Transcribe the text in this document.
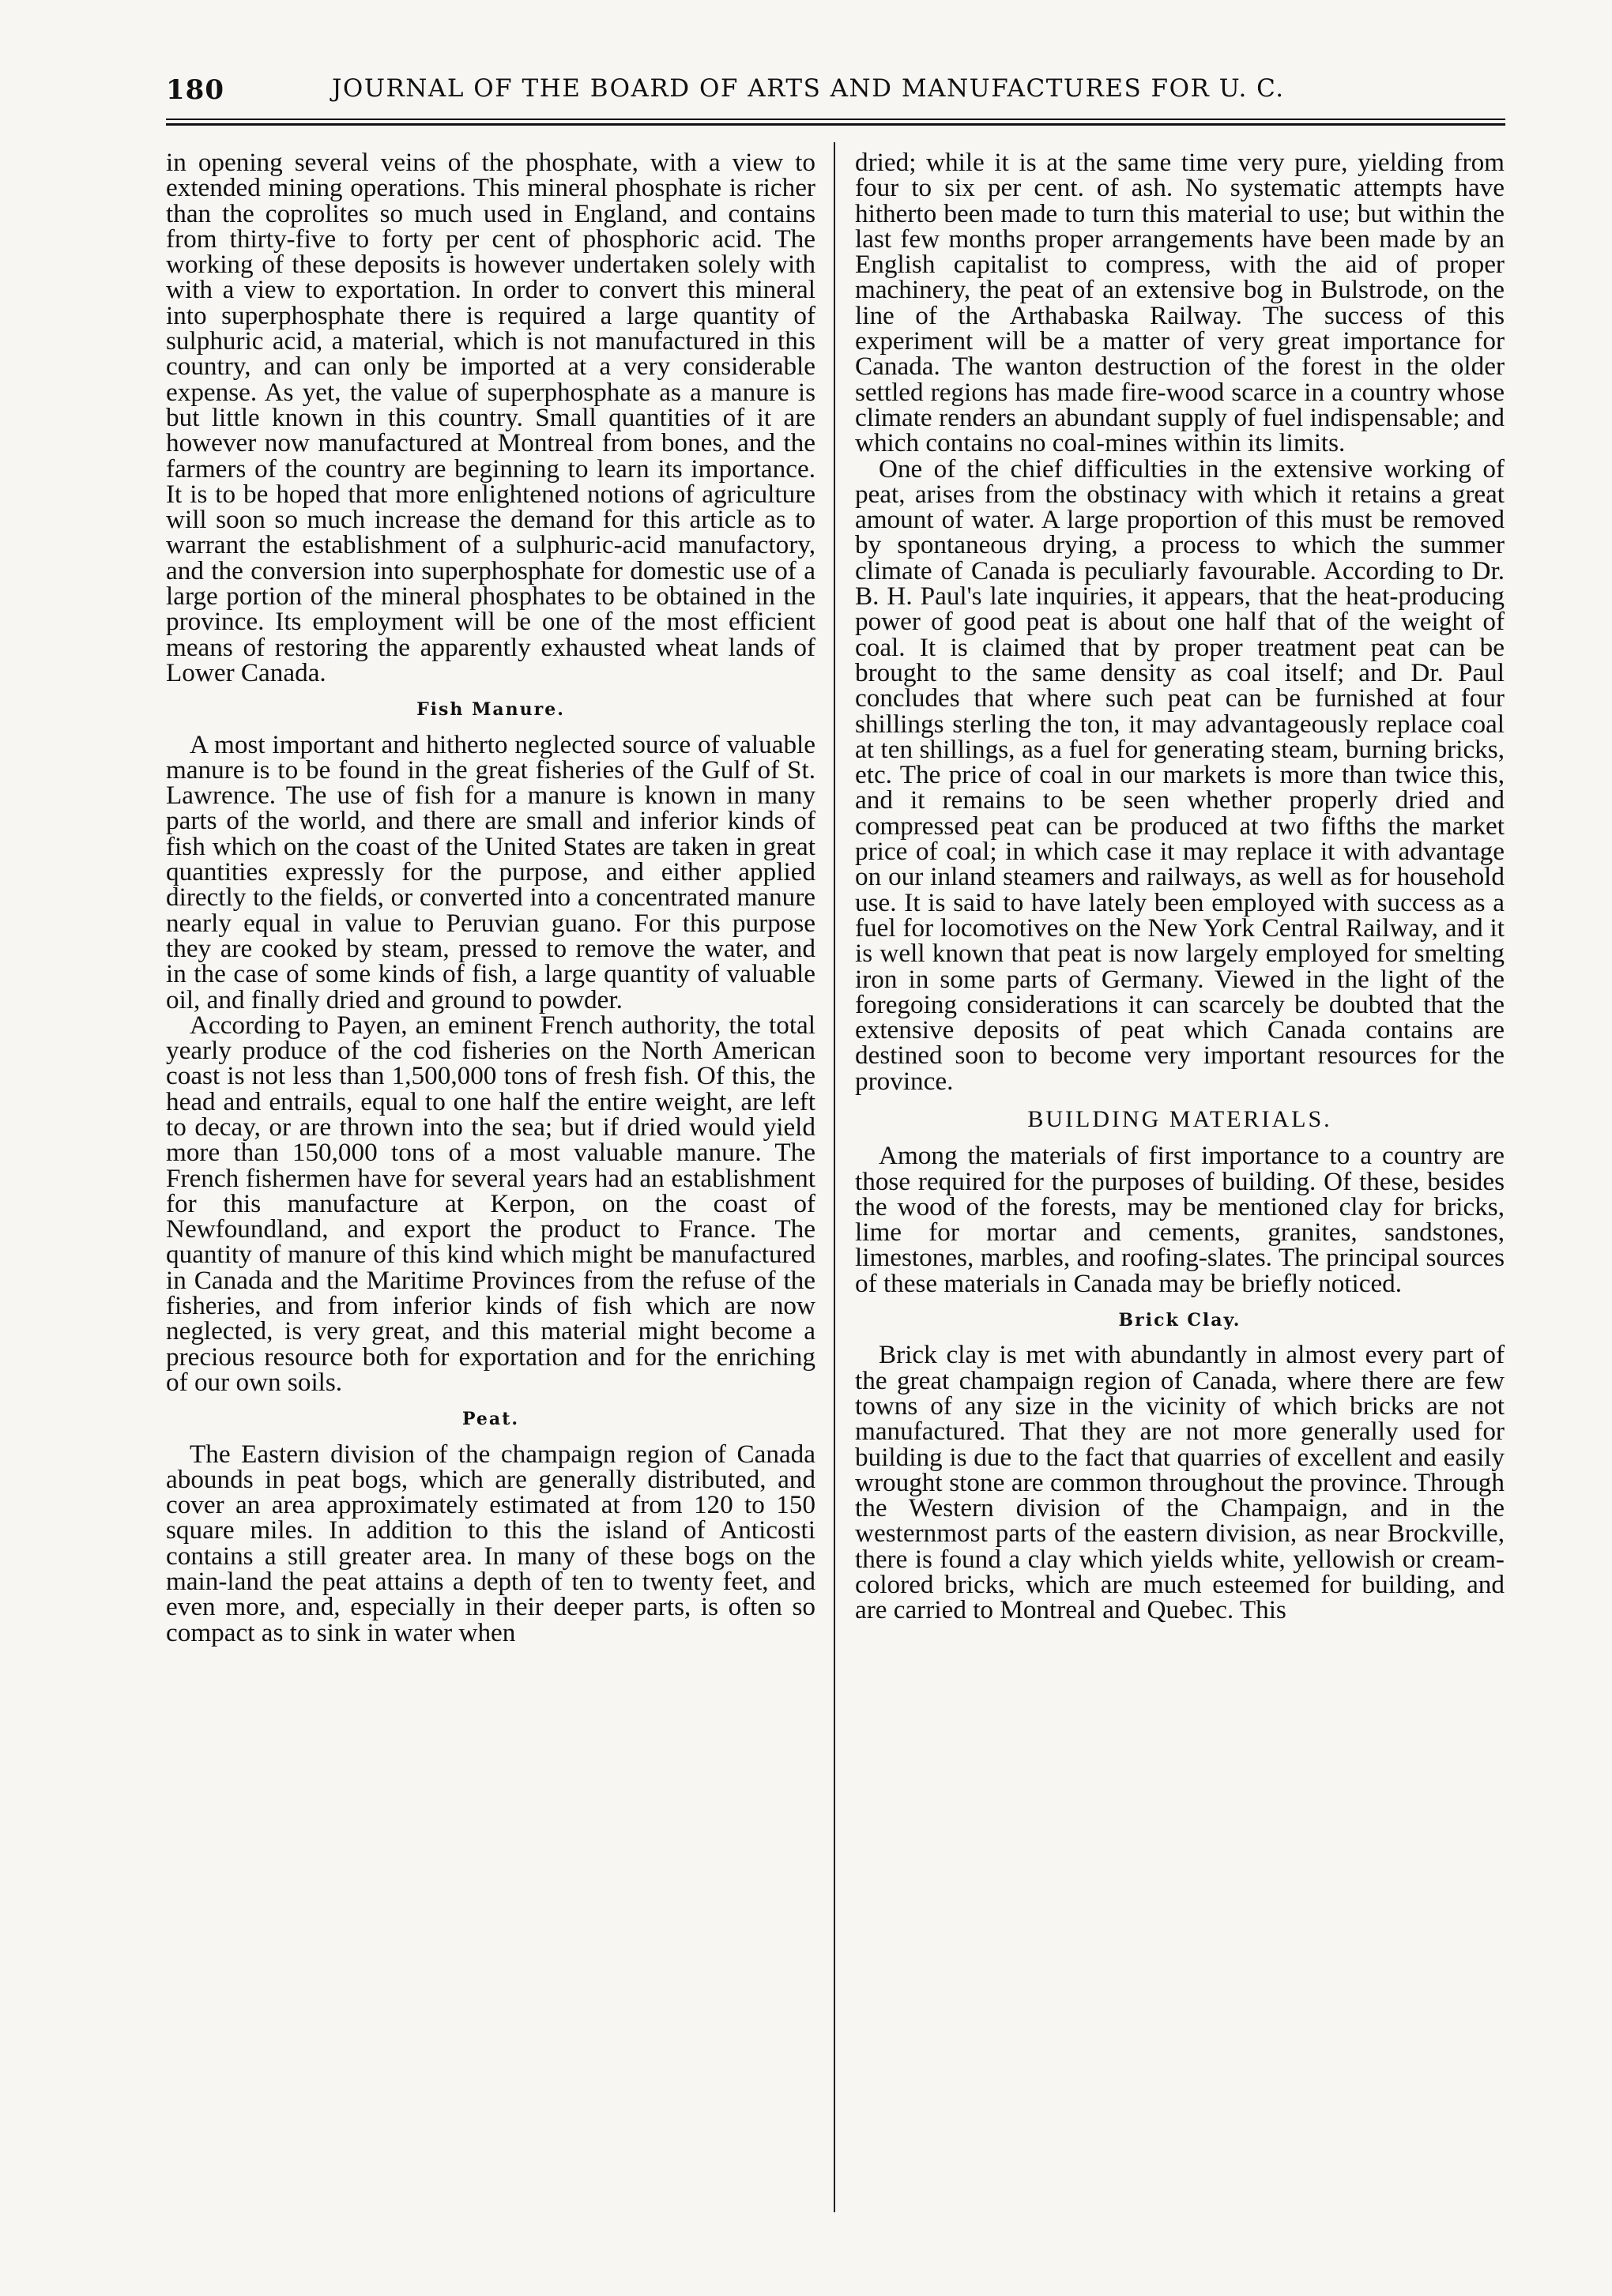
180	JOURNAL OF THE BOARD OF ARTS AND MANUFACTURES FOR U. C.

in opening several veins of the phosphate, with a view to extended mining operations. This mineral phosphate is richer than the coprolites so much used in England, and contains from thirty-five to forty per cent of phosphoric acid. The working of these deposits is however undertaken solely with with a view to exportation. In order to convert this mineral into superphosphate there is required a large quantity of sulphuric acid, a material, which is not manufactured in this country, and can only be imported at a very considerable expense. As yet, the value of superphosphate as a manure is but little known in this country. Small quantities of it are however now manufactured at Montreal from bones, and the farmers of the country are beginning to learn its importance. It is to be hoped that more enlightened notions of agriculture will soon so much increase the demand for this article as to warrant the establishment of a sulphuric-acid manufactory, and the conversion into superphosphate for domestic use of a large portion of the mineral phosphates to be obtained in the province. Its employment will be one of the most efficient means of restoring the apparently exhausted wheat lands of Lower Canada.

Fish Manure.

A most important and hitherto neglected source of valuable manure is to be found in the great fisheries of the Gulf of St. Lawrence. The use of fish for a manure is known in many parts of the world, and there are small and inferior kinds of fish which on the coast of the United States are taken in great quantities expressly for the purpose, and either applied directly to the fields, or converted into a concentrated manure nearly equal in value to Peruvian guano. For this purpose they are cooked by steam, pressed to remove the water, and in the case of some kinds of fish, a large quantity of valuable oil, and finally dried and ground to powder.

According to Payen, an eminent French authority, the total yearly produce of the cod fisheries on the North American coast is not less than 1,500,000 tons of fresh fish. Of this, the head and entrails, equal to one half the entire weight, are left to decay, or are thrown into the sea; but if dried would yield more than 150,000 tons of a most valuable manure. The French fishermen have for several years had an establishment for this manufacture at Kerpon, on the coast of Newfoundland, and export the product to France. The quantity of manure of this kind which might be manufactured in Canada and the Maritime Provinces from the refuse of the fisheries, and from inferior kinds of fish which are now neglected, is very great, and this material might become a precious resource both for exportation and for the enriching of our own soils.

Peat.

The Eastern division of the champaign region of Canada abounds in peat bogs, which are generally distributed, and cover an area approximately estimated at from 120 to 150 square miles. In addition to this the island of Anticosti contains a still greater area. In many of these bogs on the main-land the peat attains a depth of ten to twenty feet, and even more, and, especially in their deeper parts, is often so compact as to sink in water when

dried; while it is at the same time very pure, yielding from four to six per cent. of ash. No systematic attempts have hitherto been made to turn this material to use; but within the last few months proper arrangements have been made by an English capitalist to compress, with the aid of proper machinery, the peat of an extensive bog in Bulstrode, on the line of the Arthabaska Railway. The success of this experiment will be a matter of very great importance for Canada. The wanton destruction of the forest in the older settled regions has made fire-wood scarce in a country whose climate renders an abundant supply of fuel indispensable; and which contains no coal-mines within its limits.

One of the chief difficulties in the extensive working of peat, arises from the obstinacy with which it retains a great amount of water. A large proportion of this must be removed by spontaneous drying, a process to which the summer climate of Canada is peculiarly favourable. According to Dr. B. H. Paul's late inquiries, it appears, that the heat-producing power of good peat is about one half that of the weight of coal. It is claimed that by proper treatment peat can be brought to the same density as coal itself; and Dr. Paul concludes that where such peat can be furnished at four shillings sterling the ton, it may advantageously replace coal at ten shillings, as a fuel for generating steam, burning bricks, etc. The price of coal in our markets is more than twice this, and it remains to be seen whether properly dried and compressed peat can be produced at two fifths the market price of coal; in which case it may replace it with advantage on our inland steamers and railways, as well as for household use. It is said to have lately been employed with success as a fuel for locomotives on the New York Central Railway, and it is well known that peat is now largely employed for smelting iron in some parts of Germany. Viewed in the light of the foregoing considerations it can scarcely be doubted that the extensive deposits of peat which Canada contains are destined soon to become very important resources for the province.

BUILDING MATERIALS.

Among the materials of first importance to a country are those required for the purposes of building. Of these, besides the wood of the forests, may be mentioned clay for bricks, lime for mortar and cements, granites, sandstones, limestones, marbles, and roofing-slates. The principal sources of these materials in Canada may be briefly noticed.

Brick Clay.

Brick clay is met with abundantly in almost every part of the great champaign region of Canada, where there are few towns of any size in the vicinity of which bricks are not manufactured. That they are not more generally used for building is due to the fact that quarries of excellent and easily wrought stone are common throughout the province. Through the Western division of the Champaign, and in the westernmost parts of the eastern division, as near Brockville, there is found a clay which yields white, yellowish or cream-colored bricks, which are much esteemed for building, and are carried to Montreal and Quebec. This
